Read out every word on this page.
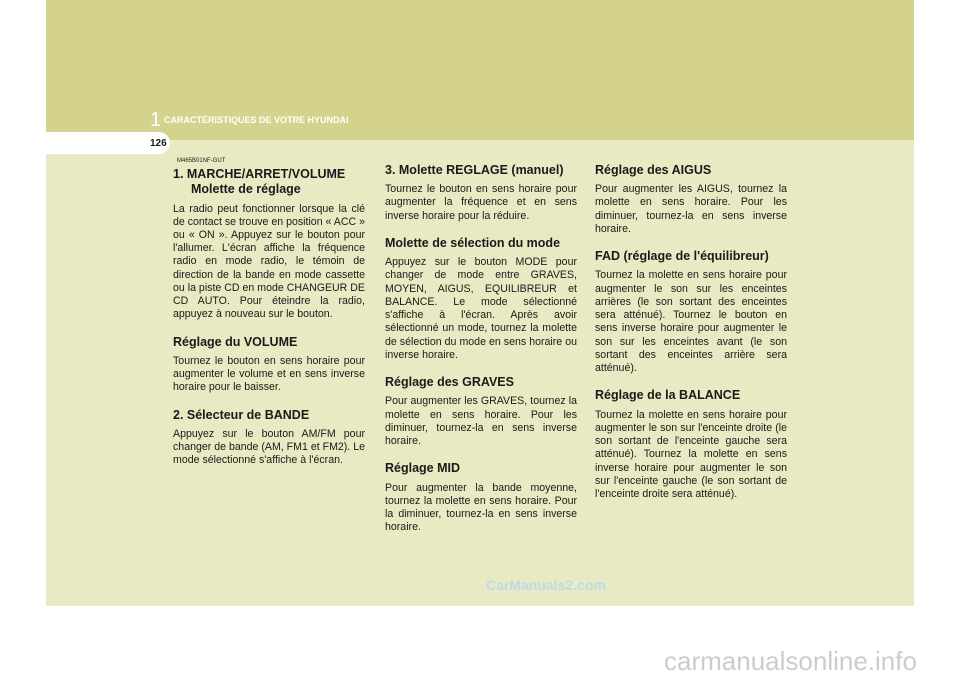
1 CARACTÉRISTIQUES DE VOTRE HYUNDAI
126
M465B01NF-GUT
1. MARCHE/ARRET/VOLUME
Molette de réglage

La radio peut fonctionner lorsque la clé de contact se trouve en position « ACC » ou « ON ». Appuyez sur le bouton pour l'allumer. L'écran affiche la fréquence radio en mode radio, le témoin de direction de la bande en mode cassette ou la piste CD en mode CHANGEUR DE CD AUTO. Pour éteindre la radio, appuyez à nouveau sur le bouton.

Réglage du VOLUME

Tournez le bouton en sens horaire pour augmenter le volume et en sens inverse horaire pour le baisser.

2. Sélecteur de BANDE

Appuyez sur le bouton AM/FM pour changer de bande (AM, FM1 et FM2). Le mode sélectionné s'affiche à l'écran.

3. Molette REGLAGE (manuel)

Tournez le bouton en sens horaire pour augmenter la fréquence et en sens inverse horaire pour la réduire.

Molette de sélection du mode

Appuyez sur le bouton MODE pour changer de mode entre GRAVES, MOYEN, AIGUS, EQUILIBREUR et BALANCE. Le mode sélectionné s'affiche à l'écran. Après avoir sélectionné un mode, tournez la molette de sélection du mode en sens horaire ou inverse horaire.

Réglage des GRAVES

Pour augmenter les GRAVES, tournez la molette en sens horaire. Pour les diminuer, tournez-la en sens inverse horaire.

Réglage MID

Pour augmenter la bande moyenne, tournez la molette en sens horaire. Pour la diminuer, tournez-la en sens inverse horaire.

Réglage des AIGUS

Pour augmenter les AIGUS, tournez la molette en sens horaire. Pour les diminuer, tournez-la en sens inverse horaire.

FAD (réglage de l'équilibreur)

Tournez la molette en sens horaire pour augmenter le son sur les enceintes arrières (le son sortant des enceintes sera atténué). Tournez le bouton en sens inverse horaire pour augmenter le son sur les enceintes avant (le son sortant des enceintes arrière sera atténué).

Réglage de la BALANCE

Tournez la molette en sens horaire pour augmenter le son sur l'enceinte droite (le son sortant de l'enceinte gauche sera atténué). Tournez la molette en sens inverse horaire pour augmenter le son sur l'enceinte gauche (le son sortant de l'enceinte droite sera atténué).

CarManuals2.com
carmanualsonline.info
